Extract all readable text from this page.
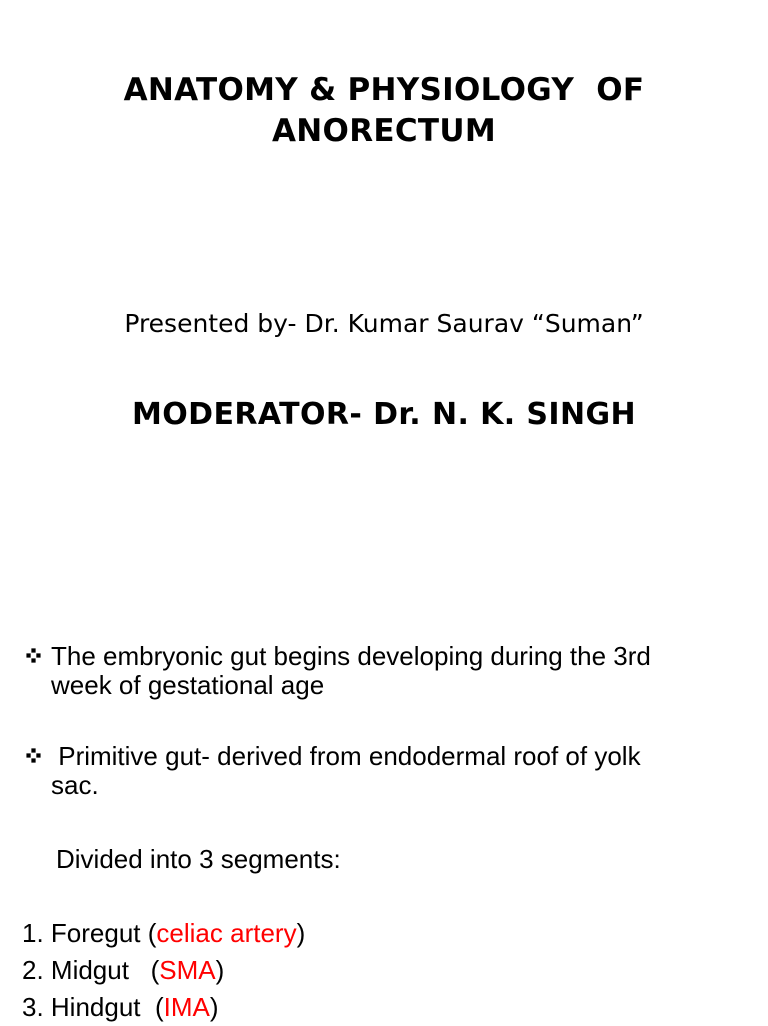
ANATOMY & PHYSIOLOGY  OF
ANORECTUM
Presented by- Dr. Kumar Saurav “Suman”
MODERATOR- Dr. N. K. SINGH
The embryonic gut begins developing during the 3rd
week of gestational age
Primitive gut- derived from endodermal roof of yolk
sac.
Divided into 3 segments:
1. Foregut (celiac artery)
2. Midgut   (SMA)
3. Hindgut  (IMA)
